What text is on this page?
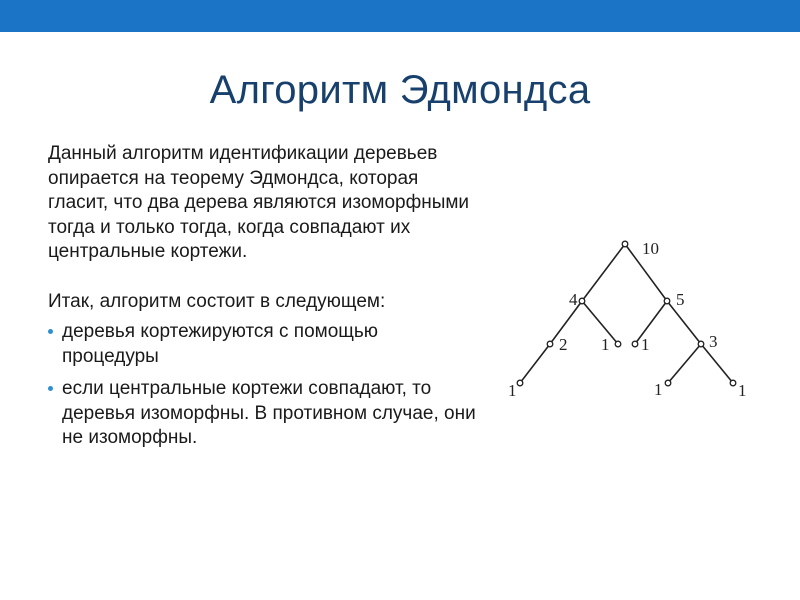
Алгоритм Эдмондса

Данный алгоритм идентификации деревьев опирается на теорему Эдмондса, которая гласит, что два дерева являются изоморфными тогда и только тогда, когда совпадают их центральные кортежи.

Итак, алгоритм состоит в следующем:

деревья кортежируются с помощью процедуры
если центральные кортежи совпадают, то деревья изоморфны. В противном случае, они не изоморфны.
10
4	5
2 1 1	3
1	1	1
